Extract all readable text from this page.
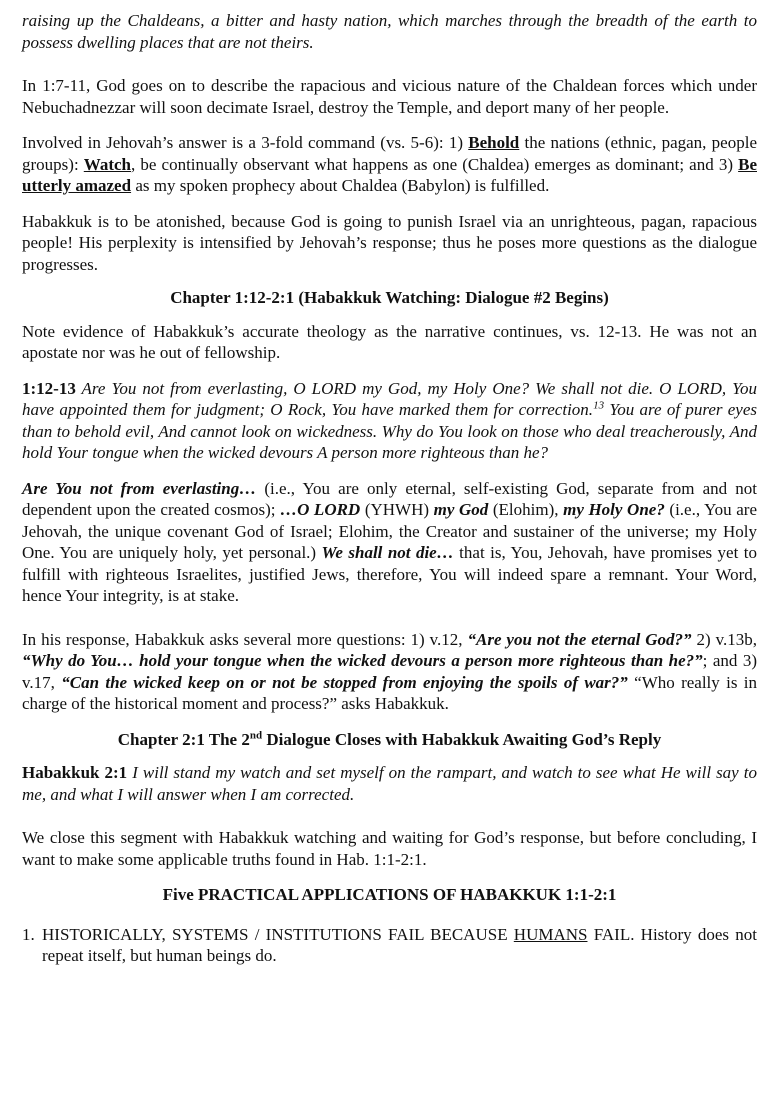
raising up the Chaldeans, a bitter and hasty nation, which marches through the breadth of the earth to possess dwelling places that are not theirs.

In 1:7-11, God goes on to describe the rapacious and vicious nature of the Chaldean forces which under Nebuchadnezzar will soon decimate Israel, destroy the Temple, and deport many of her people.

Involved in Jehovah’s answer is a 3-fold command (vs. 5-6): 1) Behold the nations (ethnic, pagan, people groups): Watch, be continually observant what happens as one (Chaldea) emerges as dominant; and 3) Be utterly amazed as my spoken prophecy about Chaldea (Babylon) is fulfilled.

Habakkuk is to be atonished, because God is going to punish Israel via an unrighteous, pagan, rapacious people! His perplexity is intensified by Jehovah’s response; thus he poses more questions as the dialogue progresses.

Chapter 1:12-2:1 (Habakkuk Watching: Dialogue #2 Begins)

Note evidence of Habakkuk’s accurate theology as the narrative continues, vs. 12-13. He was not an apostate nor was he out of fellowship.

1:12-13 Are You not from everlasting, O LORD my God, my Holy One? We shall not die. O LORD, You have appointed them for judgment; O Rock, You have marked them for correction.$^{13}$ You are of purer eyes than to behold evil, And cannot look on wickedness. Why do You look on those who deal treacherously, And hold Your tongue when the wicked devours A person more righteous than he?

Are You not from everlasting… (i.e., You are only eternal, self-existing God, separate from and not dependent upon the created cosmos); …O LORD (YHWH) my God (Elohim), my Holy One? (i.e., You are Jehovah, the unique covenant God of Israel; Elohim, the Creator and sustainer of the universe; my Holy One. You are uniquely holy, yet personal.) We shall not die… that is, You, Jehovah, have promises yet to fulfill with righteous Israelites, justified Jews, therefore, You will indeed spare a remnant. Your Word, hence Your integrity, is at stake.

In his response, Habakkuk asks several more questions: 1) v.12, “Are you not the eternal God?” 2) v.13b, “Why do You… hold your tongue when the wicked devours a person more righteous than he?”; and 3) v.17, “Can the wicked keep on or not be stopped from enjoying the spoils of war?” “Who really is in charge of the historical moment and process?” asks Habakkuk.

Chapter 2:1 The 2nd Dialogue Closes with Habakkuk Awaiting God’s Reply

Habakkuk 2:1 I will stand my watch and set myself on the rampart, and watch to see what He will say to me, and what I will answer when I am corrected.

We close this segment with Habakkuk watching and waiting for God’s response, but before concluding, I want to make some applicable truths found in Hab. 1:1-2:1.

Five PRACTICAL APPLICATIONS OF HABAKKUK 1:1-2:1
1. HISTORICALLY, SYSTEMS / INSTITUTIONS FAIL BECAUSE HUMANS FAIL. History does not repeat itself, but human beings do.
